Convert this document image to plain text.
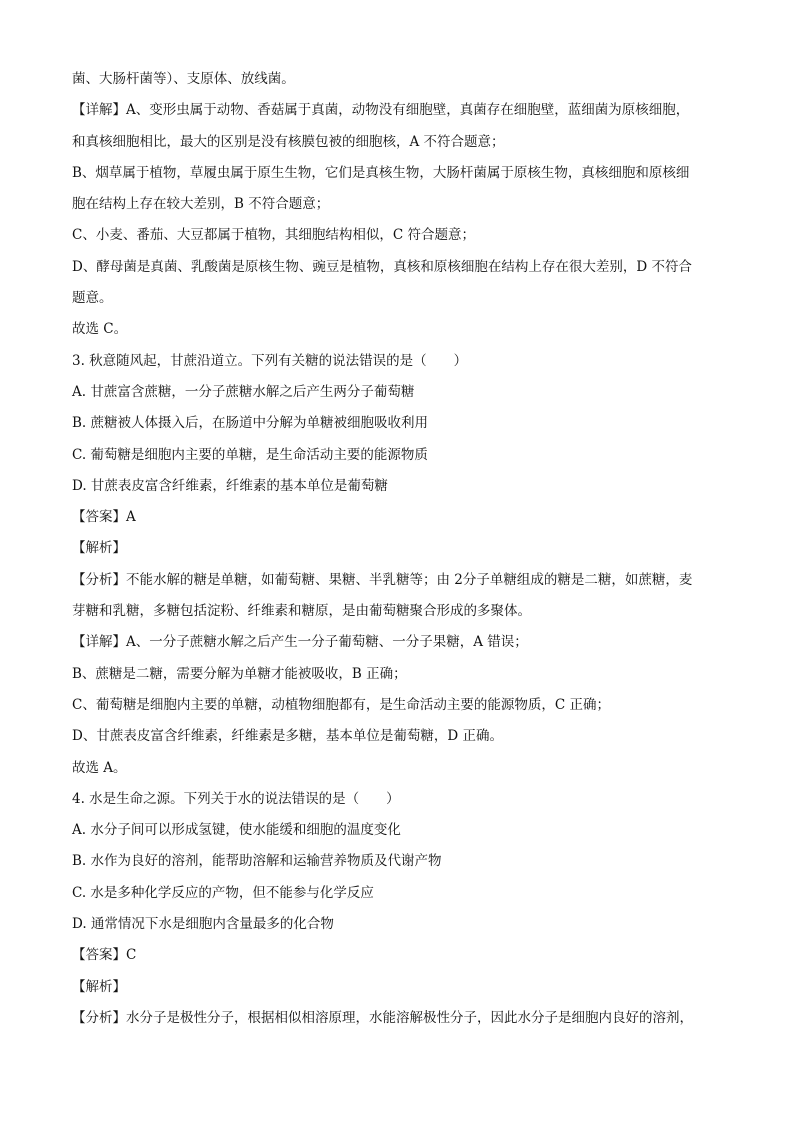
菌、大肠杆菌等）、支原体、放线菌。
【详解】A、变形虫属于动物、香菇属于真菌，动物没有细胞壁，真菌存在细胞壁，蓝细菌为原核细胞，
和真核细胞相比，最大的区别是没有核膜包被的细胞核，A 不符合题意；
B、烟草属于植物，草履虫属于原生生物，它们是真核生物，大肠杆菌属于原核生物，真核细胞和原核细
胞在结构上存在较大差别，B 不符合题意；
C、小麦、番茄、大豆都属于植物，其细胞结构相似，C 符合题意；
D、酵母菌是真菌、乳酸菌是原核生物、豌豆是植物，真核和原核细胞在结构上存在很大差别，D 不符合
题意。
故选 C。
3. 秋意随风起，甘蔗沿道立。下列有关糖的说法错误的是（　　）
A. 甘蔗富含蔗糖，一分子蔗糖水解之后产生两分子葡萄糖
B. 蔗糖被人体摄入后，在肠道中分解为单糖被细胞吸收利用
C. 葡萄糖是细胞内主要的单糖，是生命活动主要的能源物质
D. 甘蔗表皮富含纤维素，纤维素的基本单位是葡萄糖
【答案】A
【解析】
【分析】不能水解的糖是单糖，如葡萄糖、果糖、半乳糖等；由 2分子单糖组成的糖是二糖，如蔗糖，麦
芽糖和乳糖，多糖包括淀粉、纤维素和糖原，是由葡萄糖聚合形成的多聚体。
【详解】A、一分子蔗糖水解之后产生一分子葡萄糖、一分子果糖，A 错误；
B、蔗糖是二糖，需要分解为单糖才能被吸收，B 正确；
C、葡萄糖是细胞内主要的单糖，动植物细胞都有，是生命活动主要的能源物质，C 正确；
D、甘蔗表皮富含纤维素，纤维素是多糖，基本单位是葡萄糖，D 正确。
故选 A。
4. 水是生命之源。下列关于水的说法错误的是（　　）
A. 水分子间可以形成氢键，使水能缓和细胞的温度变化
B. 水作为良好的溶剂，能帮助溶解和运输营养物质及代谢产物
C. 水是多种化学反应的产物，但不能参与化学反应
D. 通常情况下水是细胞内含量最多的化合物
【答案】C
【解析】
【分析】水分子是极性分子，根据相似相溶原理，水能溶解极性分子，因此水分子是细胞内良好的溶剂，
